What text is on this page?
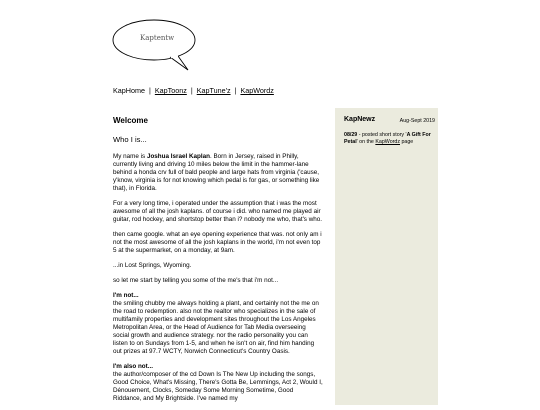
Kaptentw
KapHome | KapToonz | KapTune'z | KapWordz
Welcome
Who I is...

My name is Joshua Israel Kaplan. Born in Jersey, raised in Philly, currently living and driving 10 miles below the limit in the hammer-lane behind a honda crv full of bald people and large hats from virginia ('cause, y'know, virginia is for not knowing which pedal is for gas, or something like that), in Florida.

For a very long time, i operated under the assumption that i was the most awesome of all the josh kaplans. of course i did. who named me played air guitar, rod hockey, and shortstop better than i? nobody me who, that's who.

then came google. what an eye opening experience that was. not only am i not the most awesome of all the josh kaplans in the world, i'm not even top 5 at the supermarket, on a monday, at 9am.

...in Lost Springs, Wyoming.

so let me start by telling you some of the me's that i'm not...

I'm not...
the smiling chubby me always holding a plant, and certainly not the me on the road to redemption. also not the realtor who specializes in the sale of multifamily properties and development sites throughout the Los Angeles Metropolitan Area, or the Head of Audience for Tab Media overseeing social growth and audience strategy. nor the radio personality you can listen to on Sundays from 1-5, and when he isn't on air, find him handing out prizes at 97.7 WCTY, Norwich Connecticut's Country Oasis.

I'm also not...
the author/composer of the cd Down Is The New Up including the songs, Good Choice, What's Missing, There's Gotta Be, Lemmings, Act 2, Would I, Dénouement, Clocks, Someday Some Morning Sometime, Good Riddance, and My Brightside. I've named my

KapNewz	Aug-Sept 2019
08/29 - posted short story 'A Gift For Petal' on the KapWordz page
